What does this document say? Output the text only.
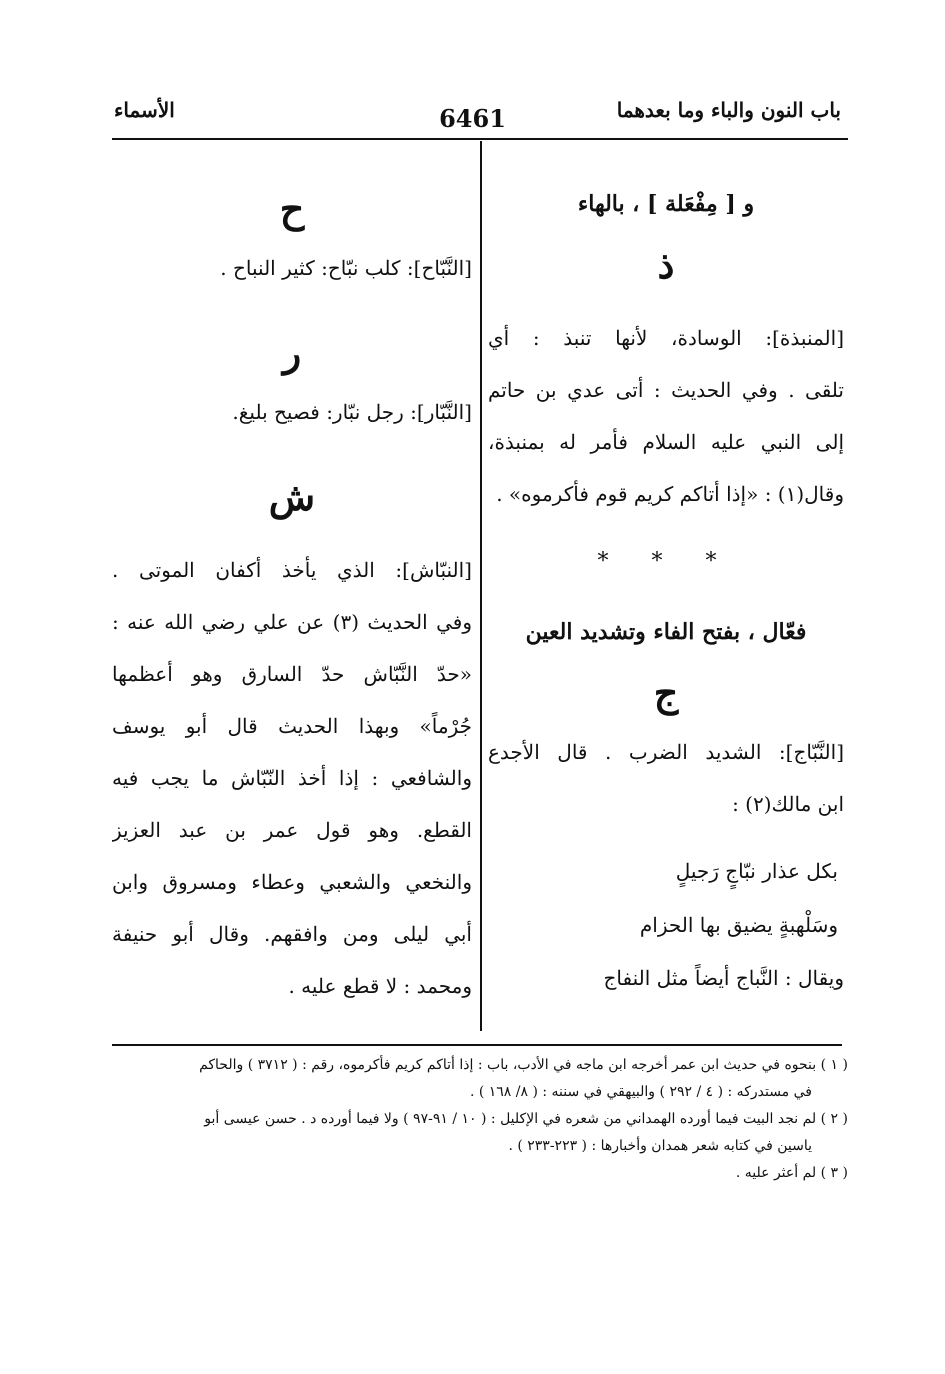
باب النون والباء وما بعدهما
6461
الأسماء
و [ مِفْعَلة ] ، بالهاء
ذ
[المنبذة]: الوسادة، لأنها تنبذ : أي
تلقى . وفي الحديث : أتى عدي بن حاتم
إلى النبي عليه السلام فأمر له بمنبذة،
وقال(١) : «إذا أتاكم كريم قوم فأكرموه» .
* * *
فعّال ، بفتح الفاء وتشديد العين
ج
[النَّبّاج]: الشديد الضرب . قال الأجدع
ابن مالك(٢) :
بكل عذار نبّاجٍ رَجيلٍ
وسَلْهبةٍ يضيق بها الحزام
ويقال : النَّباج أيضاً مثل النفاج
ح
[النَّبّاح]: كلب نبّاح: كثير النباح .
ر
[النَّبّار]: رجل نبّار: فصيح بليغ.
ش
[النبّاش]: الذي يأخذ أكفان الموتى .
وفي الحديث (٣) عن علي رضي الله عنه :
«حدّ النَّبّاش حدّ السارق وهو أعظمها
جُرْماً» وبهذا الحديث قال أبو يوسف
والشافعي : إذا أخذ النّبّاش ما يجب فيه
القطع. وهو قول عمر بن عبد العزيز
والنخعي والشعبي وعطاء ومسروق وابن
أبي ليلى ومن وافقهم. وقال أبو حنيفة
ومحمد : لا قطع عليه .
( ١ ) بنحوه في حديث ابن عمر أخرجه ابن ماجه في الأدب، باب : إذا أتاكم كريم فأكرموه، رقم : ( ٣٧١٢ ) والحاكم
في مستدركه : ( ٤ / ٢٩٢ ) والبيهقي في سننه : ( ٨/ ١٦٨ ) .
( ٢ ) لم نجد البيت فيما أورده الهمداني من شعره في الإكليل : ( ١٠ / ٩١-٩٧ ) ولا فيما أورده د . حسن عيسى أبو
ياسين في كتابه شعر همدان وأخبارها : ( ٢٢٣-٢٣٣ ) .
( ٣ ) لم أعثر عليه .
